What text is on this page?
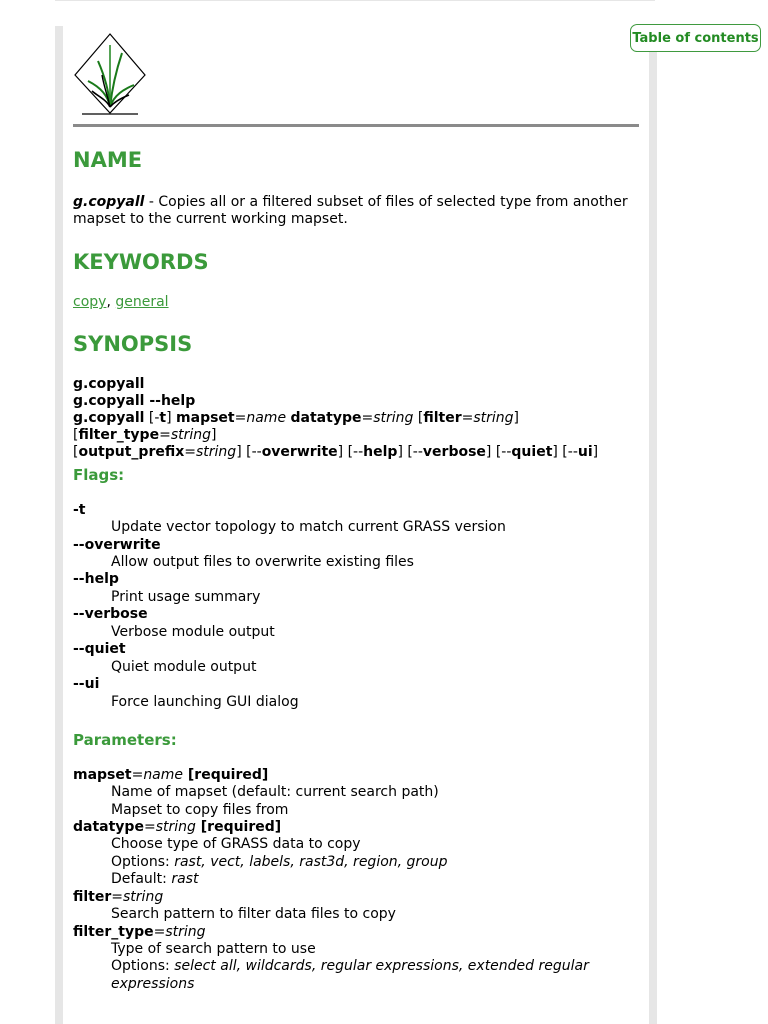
Table of contents
NAME
g.copyall - Copies all or a filtered subset of files of selected type from another mapset to the current working mapset.
KEYWORDS
copy, general
SYNOPSIS
g.copyall
g.copyall --help
g.copyall [-t] mapset=name datatype=string [filter=string] [filter_type=string]
[output_prefix=string] [--overwrite] [--help] [--verbose] [--quiet] [--ui]
Flags:
-t
Update vector topology to match current GRASS version
--overwrite
Allow output files to overwrite existing files
--help
Print usage summary
--verbose
Verbose module output
--quiet
Quiet module output
--ui
Force launching GUI dialog
Parameters:
mapset=name [required]
Name of mapset (default: current search path)
Mapset to copy files from
datatype=string [required]
Choose type of GRASS data to copy
Options: rast, vect, labels, rast3d, region, group
Default: rast
filter=string
Search pattern to filter data files to copy
filter_type=string
Type of search pattern to use
Options: select all, wildcards, regular expressions, extended regular
expressions
